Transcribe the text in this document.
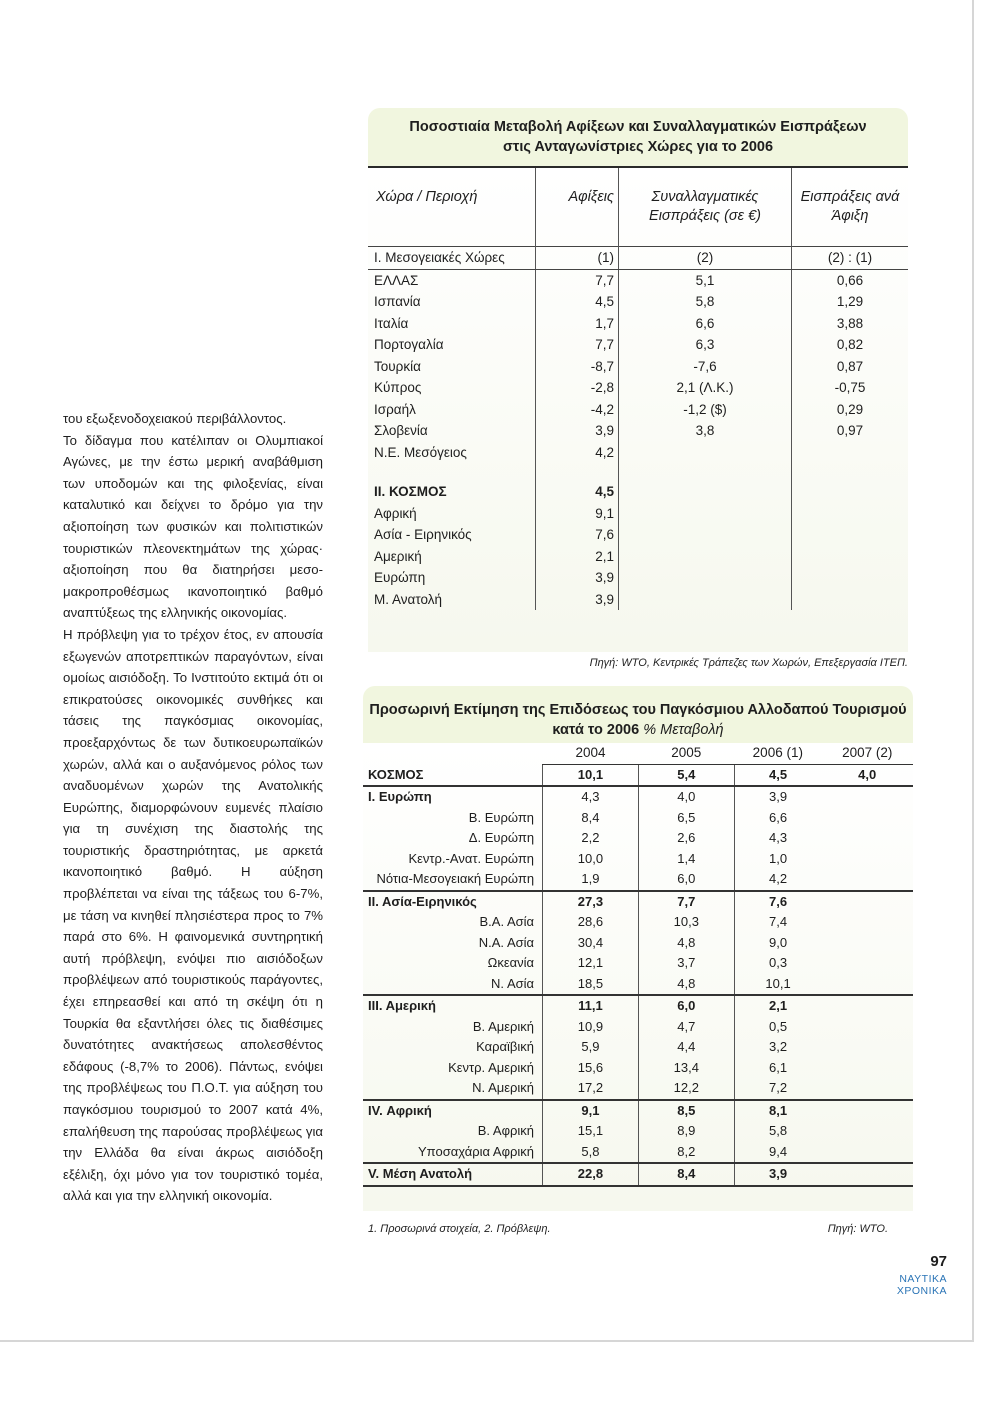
του εξωξενοδοχειακού περιβάλλοντος.

Το δίδαγμα που κατέλιπαν οι Ολυμπιακοί Αγώνες, με την έστω μερική αναβάθμιση των υποδομών και της φιλοξενίας, είναι καταλυτικό και δείχνει το δρόμο για την αξιοποίηση των φυσικών και πολιτιστικών τουριστικών πλεονεκτημάτων της χώρας· αξιοποίηση που θα διατηρήσει μεσο-μακροπροθέσμως ικανοποιητικό βαθμό αναπτύξεως της ελληνικής οικονομίας.

Η πρόβλεψη για το τρέχον έτος, εν απουσία εξωγενών αποτρεπτικών παραγόντων, είναι ομοίως αισιόδοξη. Το Ινστιτούτο εκτιμά ότι οι επικρατούσες οικονομικές συνθήκες και τάσεις της παγκόσμιας οικονομίας, προεξαρχόντως δε των δυτικοευρωπαϊκών χωρών, αλλά και ο αυξανόμενος ρόλος των αναδυομένων χωρών της Ανατολικής Ευρώπης, διαμορφώνουν ευμενές πλαίσιο για τη συνέχιση της διαστολής της τουριστικής δραστηριότητας, με αρκετά ικανοποιητικό βαθμό. Η αύξηση προβλέπεται να είναι της τάξεως του 6-7%, με τάση να κινηθεί πλησιέστερα προς το 7% παρά στο 6%. Η φαινομενικά συντηρητική αυτή πρόβλεψη, ενόψει πιο αισιόδοξων προβλέψεων από τουριστικούς παράγοντες, έχει επηρεασθεί και από τη σκέψη ότι η Τουρκία θα εξαντλήσει όλες τις διαθέσιμες δυνατότητες ανακτήσεως απολεσθέντος εδάφους (-8,7% το 2006). Πάντως, ενόψει της προβλέψεως του Π.Ο.Τ. για αύξηση του παγκόσμιου τουρισμού το 2007 κατά 4%, επαλήθευση της παρούσας προβλέψεως για την Ελλάδα θα είναι άκρως αισιόδοξη εξέλιξη, όχι μόνο για τον τουριστικό τομέα, αλλά και για την ελληνική οικονομία.

Ποσοστιαία Μεταβολή Αφίξεων και Συναλλαγματικών Εισπράξεων
στις Ανταγωνίστριες Χώρες για το 2006
Χώρα / Περιοχή	Αφίξεις	Συναλλαγματικές Εισπράξεις (σε €)	Εισπράξεις ανά Άφιξη
Ι. Μεσογειακές Χώρες	(1)	(2)	(2) : (1)
ΕΛΛΑΣ	7,7	5,1	0,66
Ισπανία	4,5	5,8	1,29
Ιταλία	1,7	6,6	3,88
Πορτογαλία	7,7	6,3	0,82
Τουρκία	-8,7	-7,6	0,87
Κύπρος	-2,8	2,1 (Λ.Κ.)	-0,75
Ισραήλ	-4,2	-1,2 ($)	0,29
Σλοβενία	3,9	3,8	0,97
Ν.Ε. Μεσόγειος	4,2		

ΙΙ. ΚΟΣΜΟΣ	4,5		
Αφρική	9,1		
Ασία - Ειρηνικός	7,6		
Αμερική	2,1		
Ευρώπη	3,9		
Μ. Ανατολή	3,9		
Πηγή: WTO, Κεντρικές Τράπεζες των Χωρών, Επεξεργασία ΙΤΕΠ.
Προσωρινή Εκτίμηση της Επιδόσεως του Παγκόσμιου Αλλοδαπού Τουρισμού
κατά το 2006 % Μεταβολή
	2004	2005	2006 (1)	2007 (2)
ΚΟΣΜΟΣ	10,1	5,4	4,5	4,0
Ι. Ευρώπη	4,3	4,0	3,9	
Β. Ευρώπη	8,4	6,5	6,6	
Δ. Ευρώπη	2,2	2,6	4,3	
Κεντρ.-Ανατ. Ευρώπη	10,0	1,4	1,0	
Νότια-Μεσογειακή Ευρώπη	1,9	6,0	4,2	
ΙΙ. Ασία-Ειρηνικός	27,3	7,7	7,6	
Β.Α. Ασία	28,6	10,3	7,4	
Ν.Α. Ασία	30,4	4,8	9,0	
Ωκεανία	12,1	3,7	0,3	
Ν. Ασία	18,5	4,8	10,1	
ΙΙΙ. Αμερική	11,1	6,0	2,1	
Β. Αμερική	10,9	4,7	0,5	
Καραϊβική	5,9	4,4	3,2	
Κεντρ. Αμερική	15,6	13,4	6,1	
Ν. Αμερική	17,2	12,2	7,2	
IV. Αφρική	9,1	8,5	8,1	
Β. Αφρική	15,1	8,9	5,8	
Υποσαχάρια Αφρική	5,8	8,2	9,4	
V. Μέση Ανατολή	22,8	8,4	3,9	
1. Προσωρινά στοιχεία, 2. Πρόβλεψη.	Πηγή: WTO.
97
ΝΑΥΤΙΚΑ
ΧΡΟΝΙΚΑ
